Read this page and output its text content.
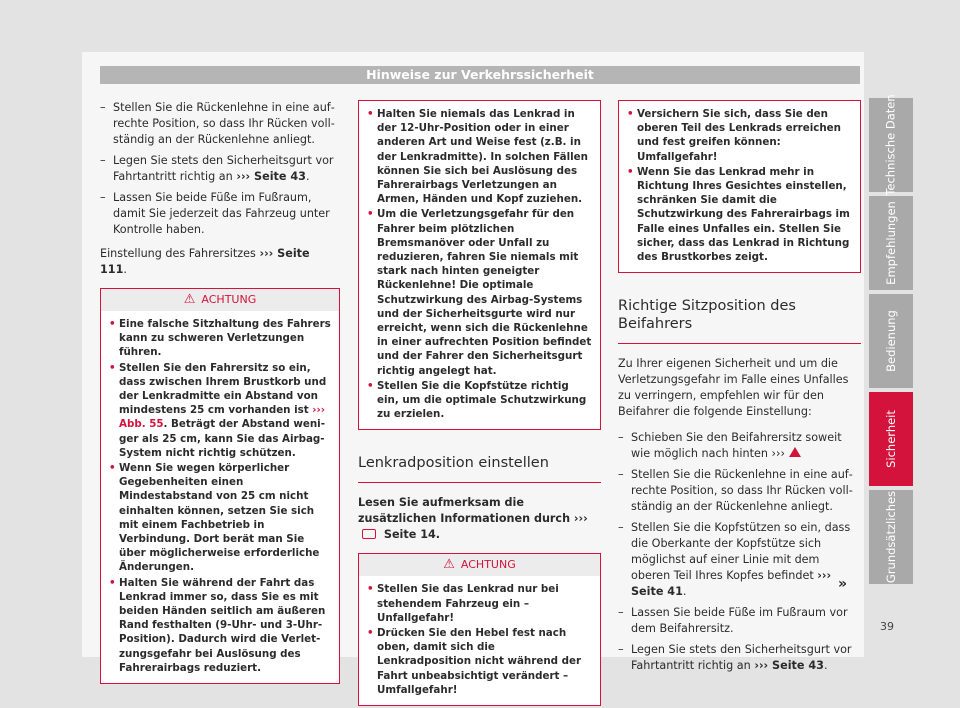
Hinweise zur Verkehrssicherheit
– Stellen Sie die Rückenlehne in eine aufrechte Position, so dass Ihr Rücken vollständig an der Rückenlehne anliegt.
– Legen Sie stets den Sicherheitsgurt vor Fahrtantritt richtig an ››› Seite 43.
– Lassen Sie beide Füße im Fußraum, damit Sie jederzeit das Fahrzeug unter Kontrolle haben.
Einstellung des Fahrersitzes ››› Seite 111.
⚠ ACHTUNG

• Eine falsche Sitzhaltung des Fahrers kann zu schweren Verletzungen führen.

• Stellen Sie den Fahrersitz so ein, dass zwischen Ihrem Brustkorb und der Lenkradmitte ein Abstand von mindestens 25 cm vorhanden ist ››› Abb. 55. Beträgt der Abstand weniger als 25 cm, kann Sie das Airbag-System nicht richtig schützen.

• Wenn Sie wegen körperlicher Gegebenheiten einen Mindestabstand von 25 cm nicht einhalten können, setzen Sie sich mit einem Fachbetrieb in Verbindung. Dort berät man Sie über möglicherweise erforderliche Änderungen.

• Halten Sie während der Fahrt das Lenkrad immer so, dass Sie es mit beiden Händen seitlich am äußeren Rand festhalten (9-Uhr- und 3-Uhr-Position). Dadurch wird die Verletzungsgefahr bei Auslösung des Fahrerairbags reduziert.

• Halten Sie niemals das Lenkrad in der 12-Uhr-Position oder in einer anderen Art und Weise fest (z.B. in der Lenkradmitte). In solchen Fällen können Sie sich bei Auslösung des Fahrerairbags Verletzungen an Armen, Händen und Kopf zuziehen.

• Um die Verletzungsgefahr für den Fahrer beim plötzlichen Bremsmanöver oder Unfall zu reduzieren, fahren Sie niemals mit stark nach hinten geneigter Rückenlehne! Die optimale Schutzwirkung des Airbag-Systems und der Sicherheitsgurte wird nur erreicht, wenn sich die Rückenlehne in einer aufrechten Position befindet und der Fahrer den Sicherheitsgurt richtig angelegt hat.

• Stellen Sie die Kopfstütze richtig ein, um die optimale Schutzwirkung zu erzielen.

Lenkradposition einstellen
Lesen Sie aufmerksam die zusätzlichen Informationen durch ››› Seite 14.
⚠ ACHTUNG

• Stellen Sie das Lenkrad nur bei stehendem Fahrzeug ein – Unfallgefahr!

• Drücken Sie den Hebel fest nach oben, damit sich die Lenkradposition nicht während der Fahrt unbeabsichtigt verändert – Umfallgefahr!

• Versichern Sie sich, dass Sie den oberen Teil des Lenkrads erreichen und fest greifen können: Umfallgefahr!

• Wenn Sie das Lenkrad mehr in Richtung Ihres Gesichtes einstellen, schränken Sie damit die Schutzwirkung des Fahrerairbags im Falle eines Unfalles ein. Stellen Sie sicher, dass das Lenkrad in Richtung des Brustkorbes zeigt.

Richtige Sitzposition des Beifahrers
Zu Ihrer eigenen Sicherheit und um die Verletzungsgefahr im Falle eines Unfalles zu verringern, empfehlen wir für den Beifahrer die folgende Einstellung:
– Schieben Sie den Beifahrersitz soweit wie möglich nach hinten ›››
– Stellen Sie die Rückenlehne in eine aufrechte Position, so dass Ihr Rücken vollständig an der Rückenlehne anliegt.
– Stellen Sie die Kopfstützen so ein, dass die Oberkante der Kopfstütze sich möglichst auf einer Linie mit dem oberen Teil Ihres Kopfes befindet ››› Seite 41.
– Lassen Sie beide Füße im Fußraum vor dem Beifahrersitz.
– Legen Sie stets den Sicherheitsgurt vor Fahrtantritt richtig an ››› Seite 43.
»
Technische Daten
Empfehlungen
Bedienung
Sicherheit
Grundsätzliches
39
